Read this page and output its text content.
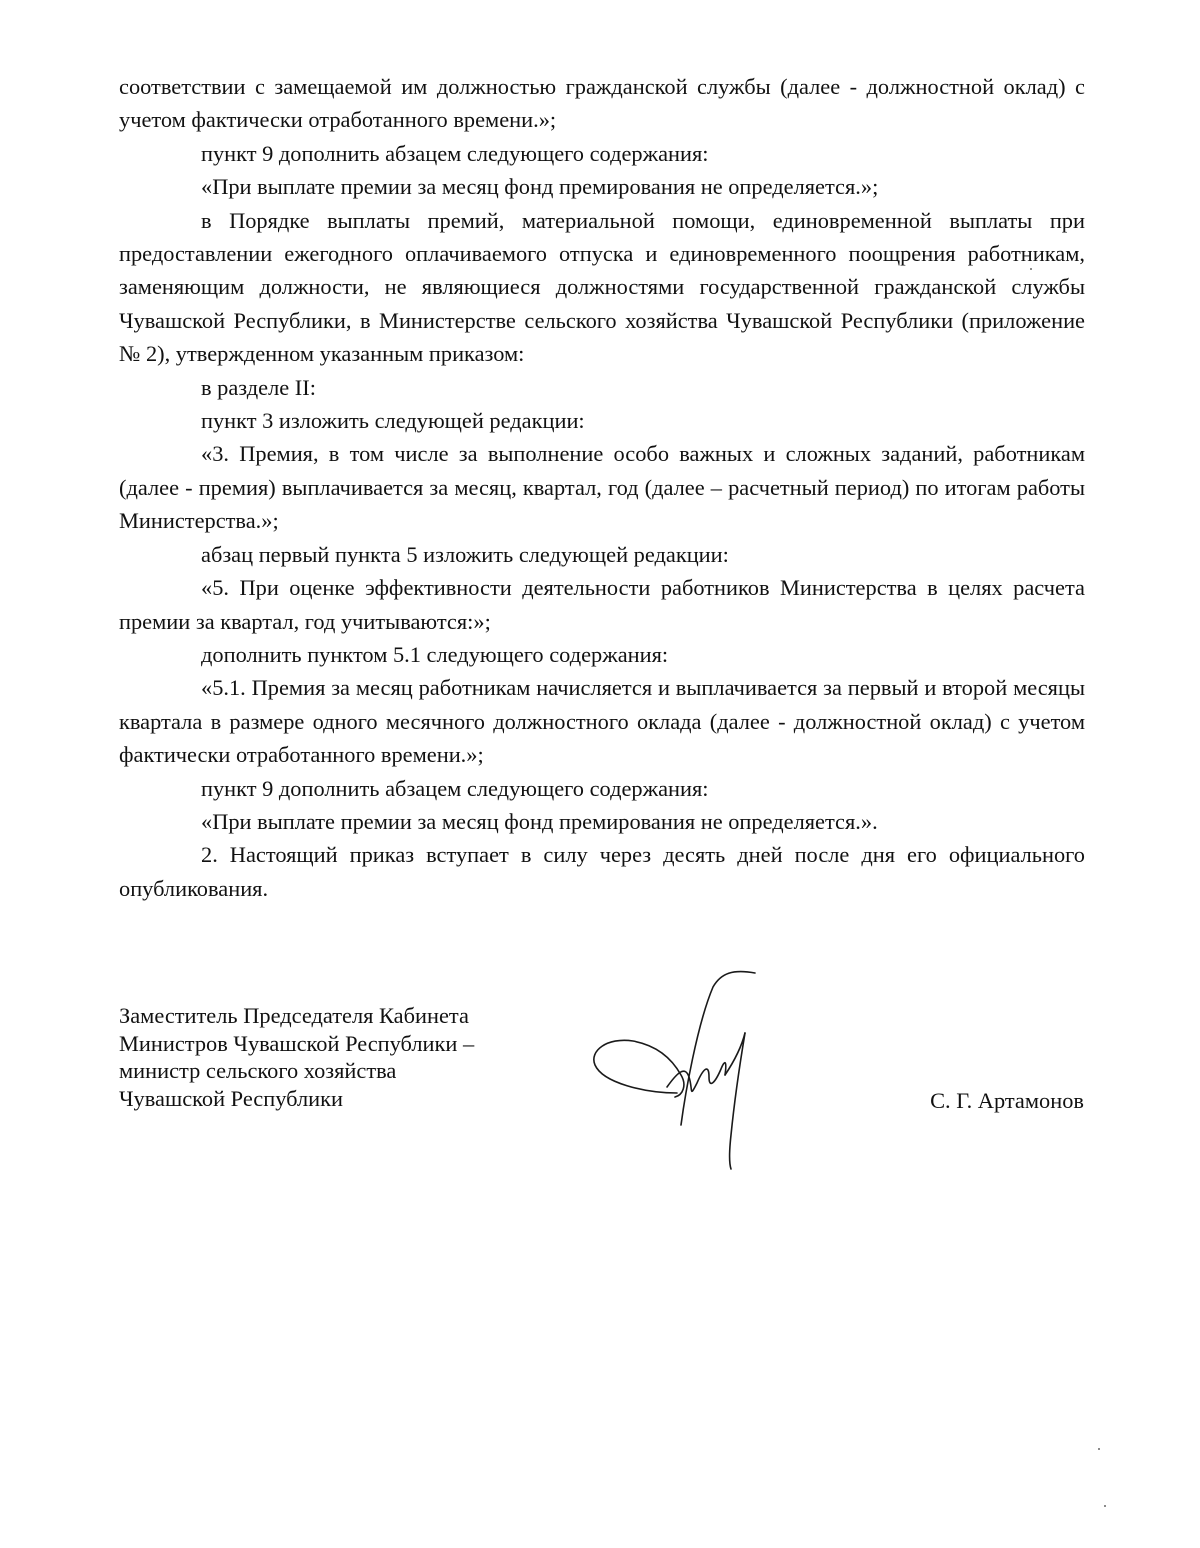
соответствии с замещаемой им должностью гражданской службы (далее - должностной оклад) с учетом фактически отработанного времени.»;

пункт 9 дополнить абзацем следующего содержания:

«При выплате премии за месяц фонд премирования не определяется.»;

в Порядке выплаты премий, материальной помощи, единовременной выплаты при предоставлении ежегодного оплачиваемого отпуска и единовременного поощрения работникам, заменяющим должности, не являющиеся должностями государственной гражданской службы Чувашской Республики, в Министерстве сельского хозяйства Чувашской Республики (приложение № 2), утвержденном указанным приказом:

в разделе II:

пункт 3 изложить следующей редакции:

«3. Премия, в том числе за выполнение особо важных и сложных заданий, работникам (далее - премия) выплачивается за месяц, квартал, год (далее – расчетный период) по итогам работы Министерства.»;

абзац первый пункта 5 изложить следующей редакции:

«5. При оценке эффективности деятельности работников Министерства в целях расчета премии за квартал, год учитываются:»;

дополнить пунктом 5.1 следующего содержания:

«5.1. Премия за месяц работникам начисляется и выплачивается за первый и второй месяцы квартала в размере одного месячного должностного оклада (далее - должностной оклад) с учетом фактически отработанного времени.»;

пункт 9 дополнить абзацем следующего содержания:

«При выплате премии за месяц фонд премирования не определяется.».

2. Настоящий приказ вступает в силу через десять дней после дня его официального опубликования.

Заместитель Председателя Кабинета
Министров Чувашской Республики –
министр сельского хозяйства
Чувашской Республики	С. Г. Артамонов
